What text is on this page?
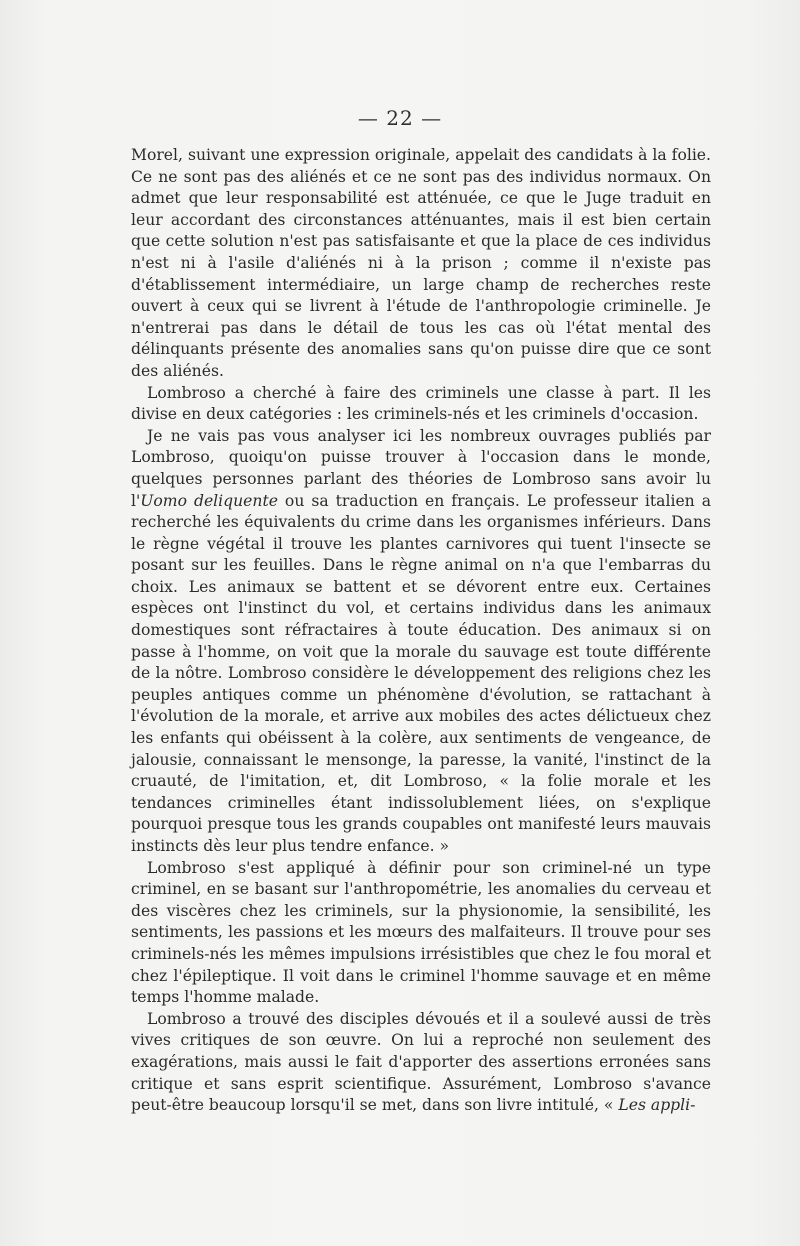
— 22 —

Morel, suivant une expression originale, appelait des candidats à la folie. Ce ne sont pas des aliénés et ce ne sont pas des individus normaux. On admet que leur responsabilité est atténuée, ce que le Juge traduit en leur accordant des circonstances atténuantes, mais il est bien certain que cette solution n'est pas satisfaisante et que la place de ces individus n'est ni à l'asile d'aliénés ni à la prison ; comme il n'existe pas d'établissement intermédiaire, un large champ de recherches reste ouvert à ceux qui se livrent à l'étude de l'anthropologie criminelle. Je n'entrerai pas dans le détail de tous les cas où l'état mental des délinquants présente des anomalies sans qu'on puisse dire que ce sont des aliénés.

Lombroso a cherché à faire des criminels une classe à part. Il les divise en deux catégories : les criminels-nés et les criminels d'occasion.

Je ne vais pas vous analyser ici les nombreux ouvrages publiés par Lombroso, quoiqu'on puisse trouver à l'occasion dans le monde, quelques personnes parlant des théories de Lombroso sans avoir lu l'Uomo deliquente ou sa traduction en français. Le professeur italien a recherché les équivalents du crime dans les organismes inférieurs. Dans le règne végétal il trouve les plantes carnivores qui tuent l'insecte se posant sur les feuilles. Dans le règne animal on n'a que l'embarras du choix. Les animaux se battent et se dévorent entre eux. Certaines espèces ont l'instinct du vol, et certains individus dans les animaux domestiques sont réfractaires à toute éducation. Des animaux si on passe à l'homme, on voit que la morale du sauvage est toute différente de la nôtre. Lombroso considère le développement des religions chez les peuples antiques comme un phénomène d'évolution, se rattachant à l'évolution de la morale, et arrive aux mobiles des actes délictueux chez les enfants qui obéissent à la colère, aux sentiments de vengeance, de jalousie, connaissant le mensonge, la paresse, la vanité, l'instinct de la cruauté, de l'imitation, et, dit Lombroso, « la folie morale et les tendances criminelles étant indissolublement liées, on s'explique pourquoi presque tous les grands coupables ont manifesté leurs mauvais instincts dès leur plus tendre enfance. »

Lombroso s'est appliqué à définir pour son criminel-né un type criminel, en se basant sur l'anthropométrie, les anomalies du cerveau et des viscères chez les criminels, sur la physionomie, la sensibilité, les sentiments, les passions et les mœurs des malfaiteurs. Il trouve pour ses criminels-nés les mêmes impulsions irrésistibles que chez le fou moral et chez l'épileptique. Il voit dans le criminel l'homme sauvage et en même temps l'homme malade.

Lombroso a trouvé des disciples dévoués et il a soulevé aussi de très vives critiques de son œuvre. On lui a reproché non seulement des exagérations, mais aussi le fait d'apporter des assertions erronées sans critique et sans esprit scientifique. Assurément, Lombroso s'avance peut-être beaucoup lorsqu'il se met, dans son livre intitulé, « Les appli-
